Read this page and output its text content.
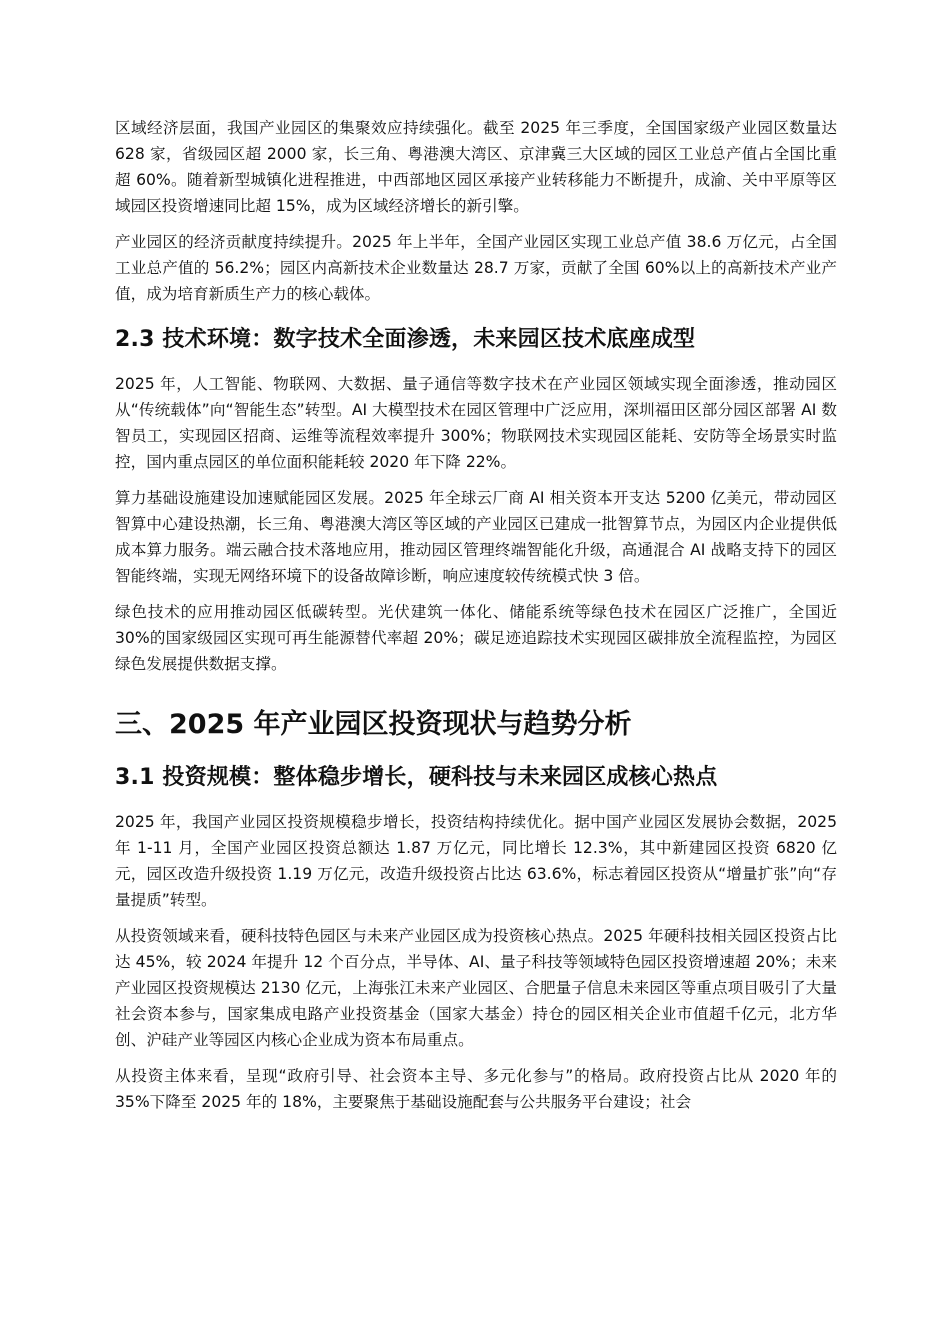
区域经济层面，我国产业园区的集聚效应持续强化。截至 2025 年三季度，全国国家级产业园区数量达 628 家，省级园区超 2000 家，长三角、粤港澳大湾区、京津冀三大区域的园区工业总产值占全国比重超 60%。随着新型城镇化进程推进，中西部地区园区承接产业转移能力不断提升，成渝、关中平原等区域园区投资增速同比超 15%，成为区域经济增长的新引擎。

产业园区的经济贡献度持续提升。2025 年上半年，全国产业园区实现工业总产值 38.6 万亿元，占全国工业总产值的 56.2%；园区内高新技术企业数量达 28.7 万家，贡献了全国 60%以上的高新技术产业产值，成为培育新质生产力的核心载体。

2.3 技术环境：数字技术全面渗透，未来园区技术底座成型

2025 年，人工智能、物联网、大数据、量子通信等数字技术在产业园区领域实现全面渗透，推动园区从“传统载体”向“智能生态”转型。AI 大模型技术在园区管理中广泛应用，深圳福田区部分园区部署 AI 数智员工，实现园区招商、运维等流程效率提升 300%；物联网技术实现园区能耗、安防等全场景实时监控，国内重点园区的单位面积能耗较 2020 年下降 22%。

算力基础设施建设加速赋能园区发展。2025 年全球云厂商 AI 相关资本开支达 5200 亿美元，带动园区智算中心建设热潮，长三角、粤港澳大湾区等区域的产业园区已建成一批智算节点，为园区内企业提供低成本算力服务。端云融合技术落地应用，推动园区管理终端智能化升级，高通混合 AI 战略支持下的园区智能终端，实现无网络环境下的设备故障诊断，响应速度较传统模式快 3 倍。

绿色技术的应用推动园区低碳转型。光伏建筑一体化、储能系统等绿色技术在园区广泛推广，全国近 30%的国家级园区实现可再生能源替代率超 20%；碳足迹追踪技术实现园区碳排放全流程监控，为园区绿色发展提供数据支撑。

三、2025 年产业园区投资现状与趋势分析
3.1 投资规模：整体稳步增长，硬科技与未来园区成核心热点

2025 年，我国产业园区投资规模稳步增长，投资结构持续优化。据中国产业园区发展协会数据，2025 年 1-11 月，全国产业园区投资总额达 1.87 万亿元，同比增长 12.3%，其中新建园区投资 6820 亿元，园区改造升级投资 1.19 万亿元，改造升级投资占比达 63.6%，标志着园区投资从“增量扩张”向“存量提质”转型。

从投资领域来看，硬科技特色园区与未来产业园区成为投资核心热点。2025 年硬科技相关园区投资占比达 45%，较 2024 年提升 12 个百分点，半导体、AI、量子科技等领域特色园区投资增速超 20%；未来产业园区投资规模达 2130 亿元，上海张江未来产业园区、合肥量子信息未来园区等重点项目吸引了大量社会资本参与，国家集成电路产业投资基金（国家大基金）持仓的园区相关企业市值超千亿元，北方华创、沪硅产业等园区内核心企业成为资本布局重点。

从投资主体来看，呈现“政府引导、社会资本主导、多元化参与”的格局。政府投资占比从 2020 年的 35%下降至 2025 年的 18%，主要聚焦于基础设施配套与公共服务平台建设；社会
